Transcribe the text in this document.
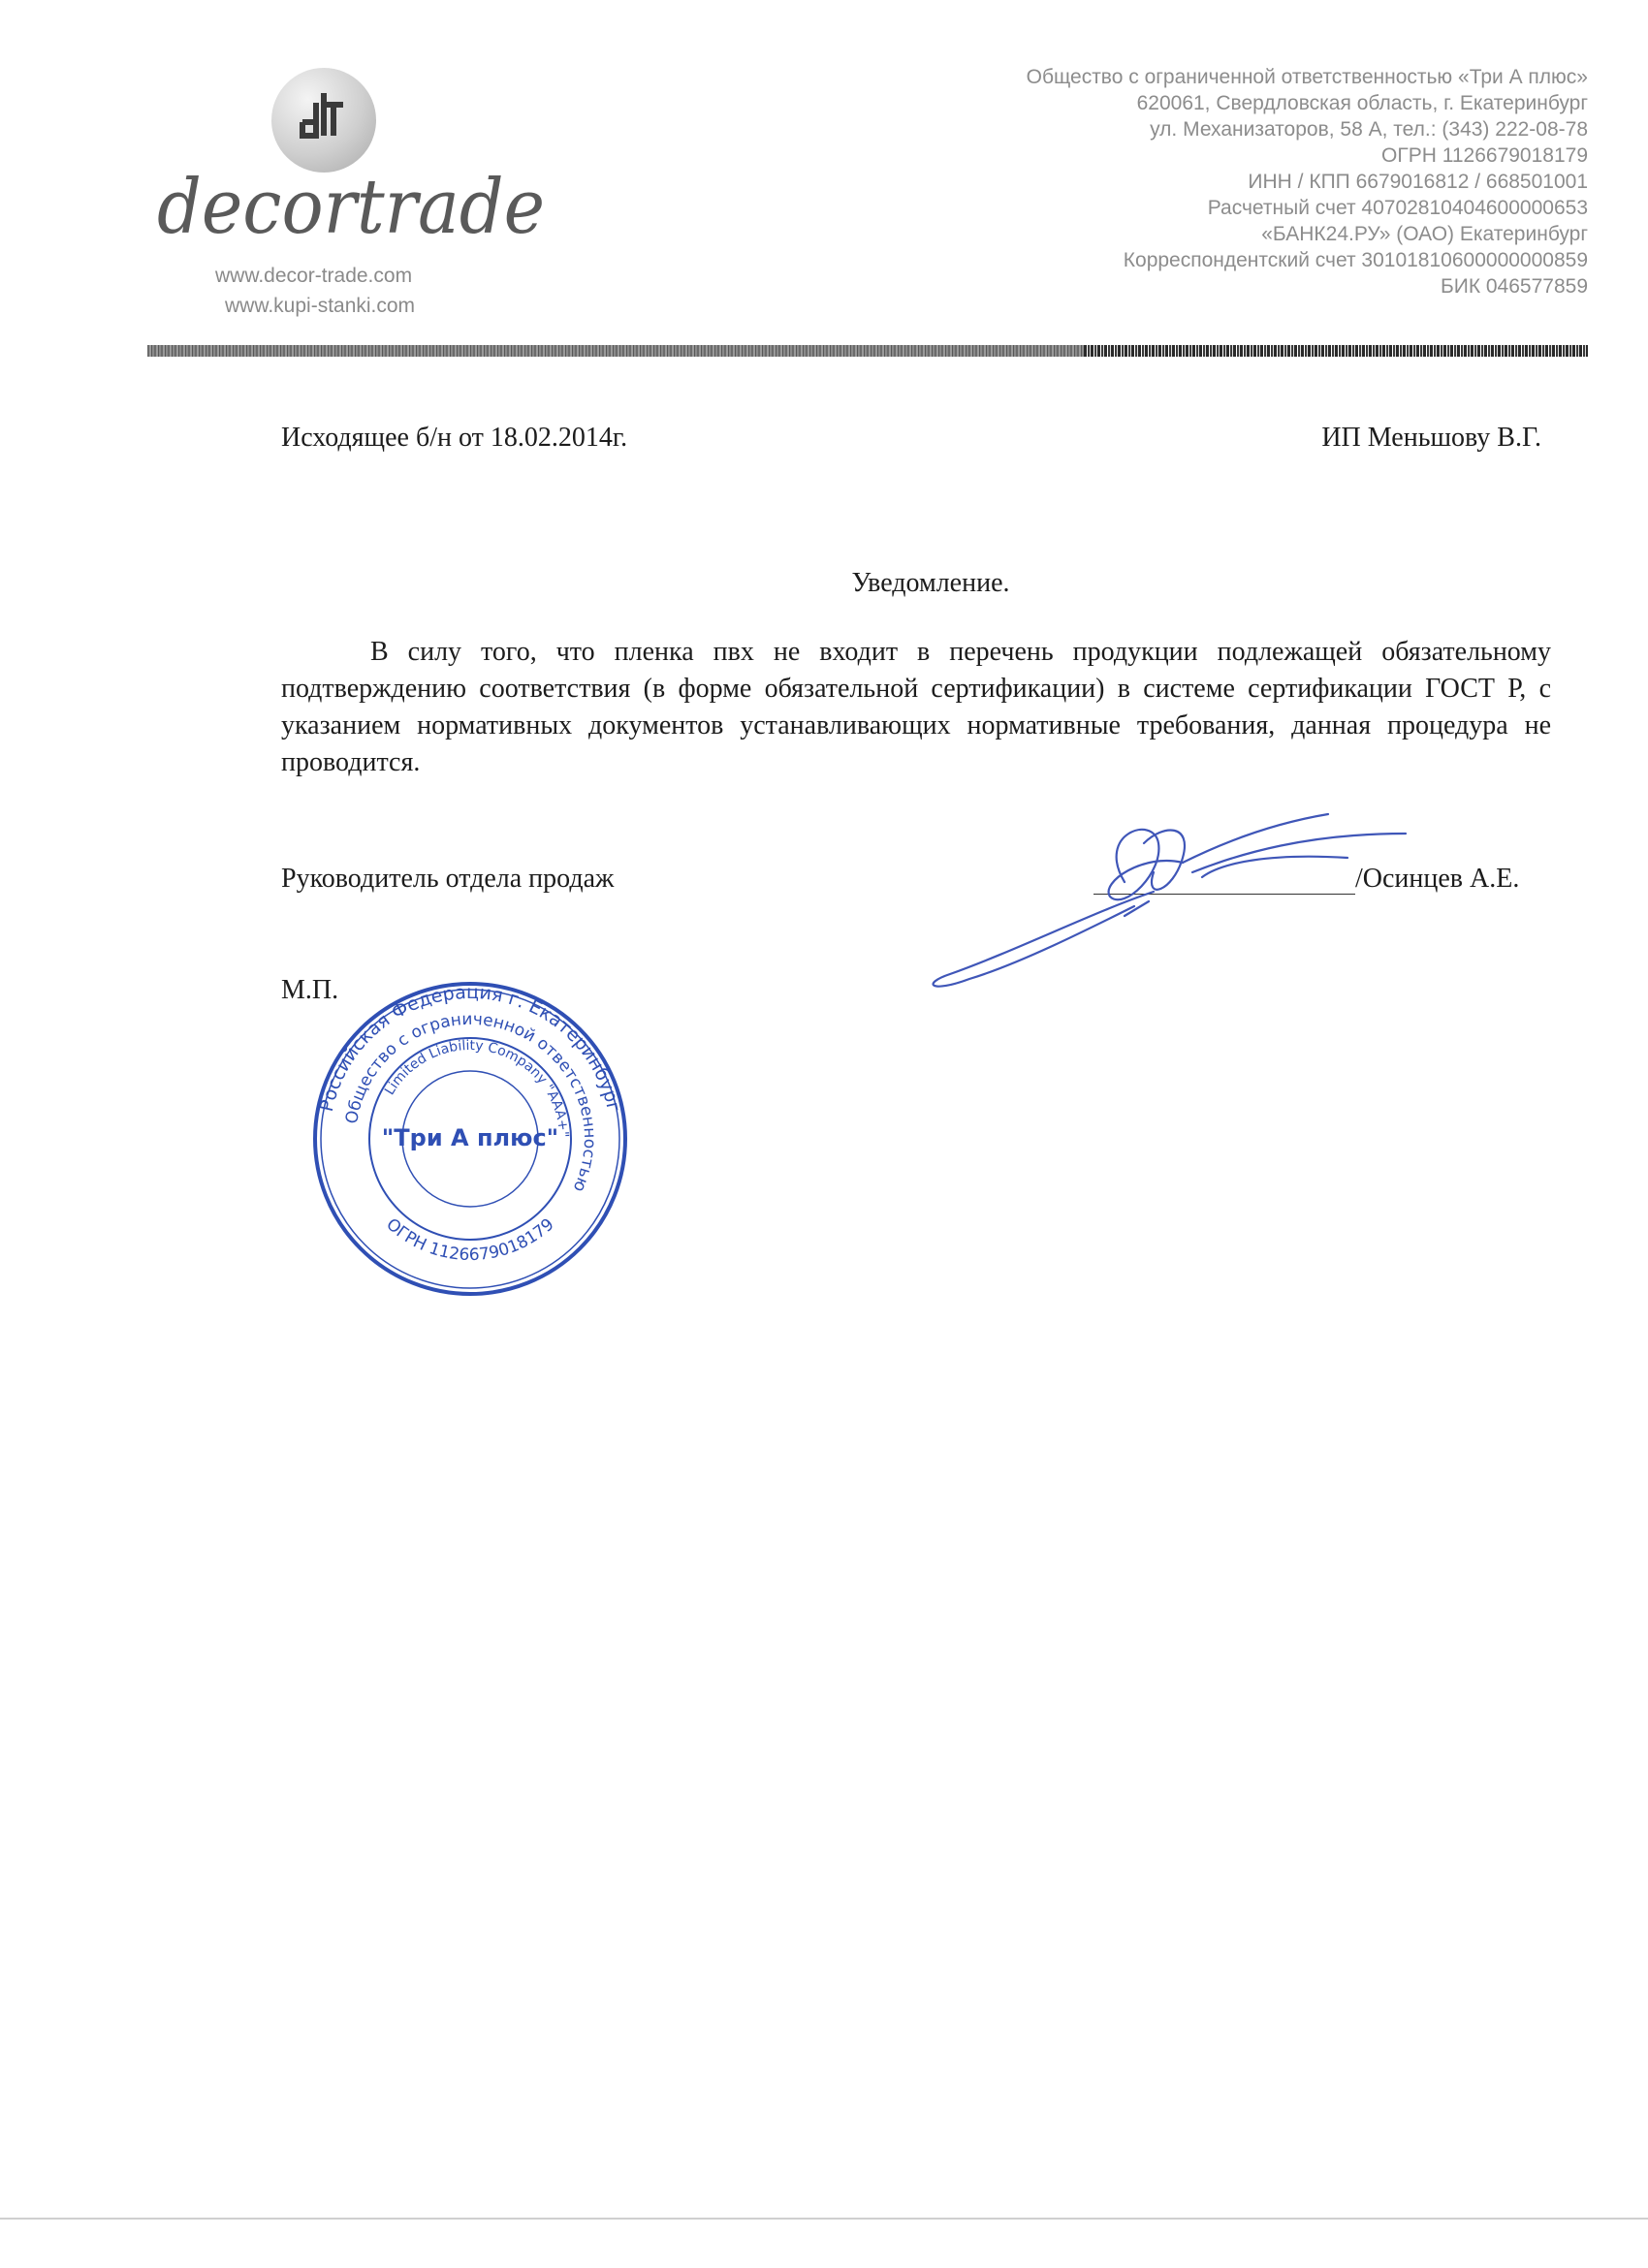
decortrade
www.decor-trade.com
www.kupi-stanki.com
Общество с ограниченной ответственностью «Три А плюс»
620061, Свердловская область, г. Екатеринбург
ул. Механизаторов, 58 А, тел.: (343) 222-08-78
ОГРН 1126679018179
ИНН / КПП 6679016812 / 668501001
Расчетный счет 40702810404600000653
«БАНК24.РУ» (ОАО) Екатеринбург
Корреспондентский счет 30101810600000000859
БИК 046577859
Исходящее б/н от 18.02.2014г.	ИП Меньшову В.Г.
Уведомление.
В силу того, что пленка пвх не входит в перечень продукции подлежащей обязательному подтверждению соответствия (в форме обязательной сертификации) в системе сертификации ГОСТ Р, с указанием нормативных документов устанавливающих нормативные требования, данная процедура не проводится.
Руководитель отдела продаж	/Осинцев А.Е.
М.П.
Российская Федерация г. Екатеринбург
Общество с ограниченной ответственностью
Limited Liability Company "AAA+"
"Три А плюс"
ОГРН 1126679018179
